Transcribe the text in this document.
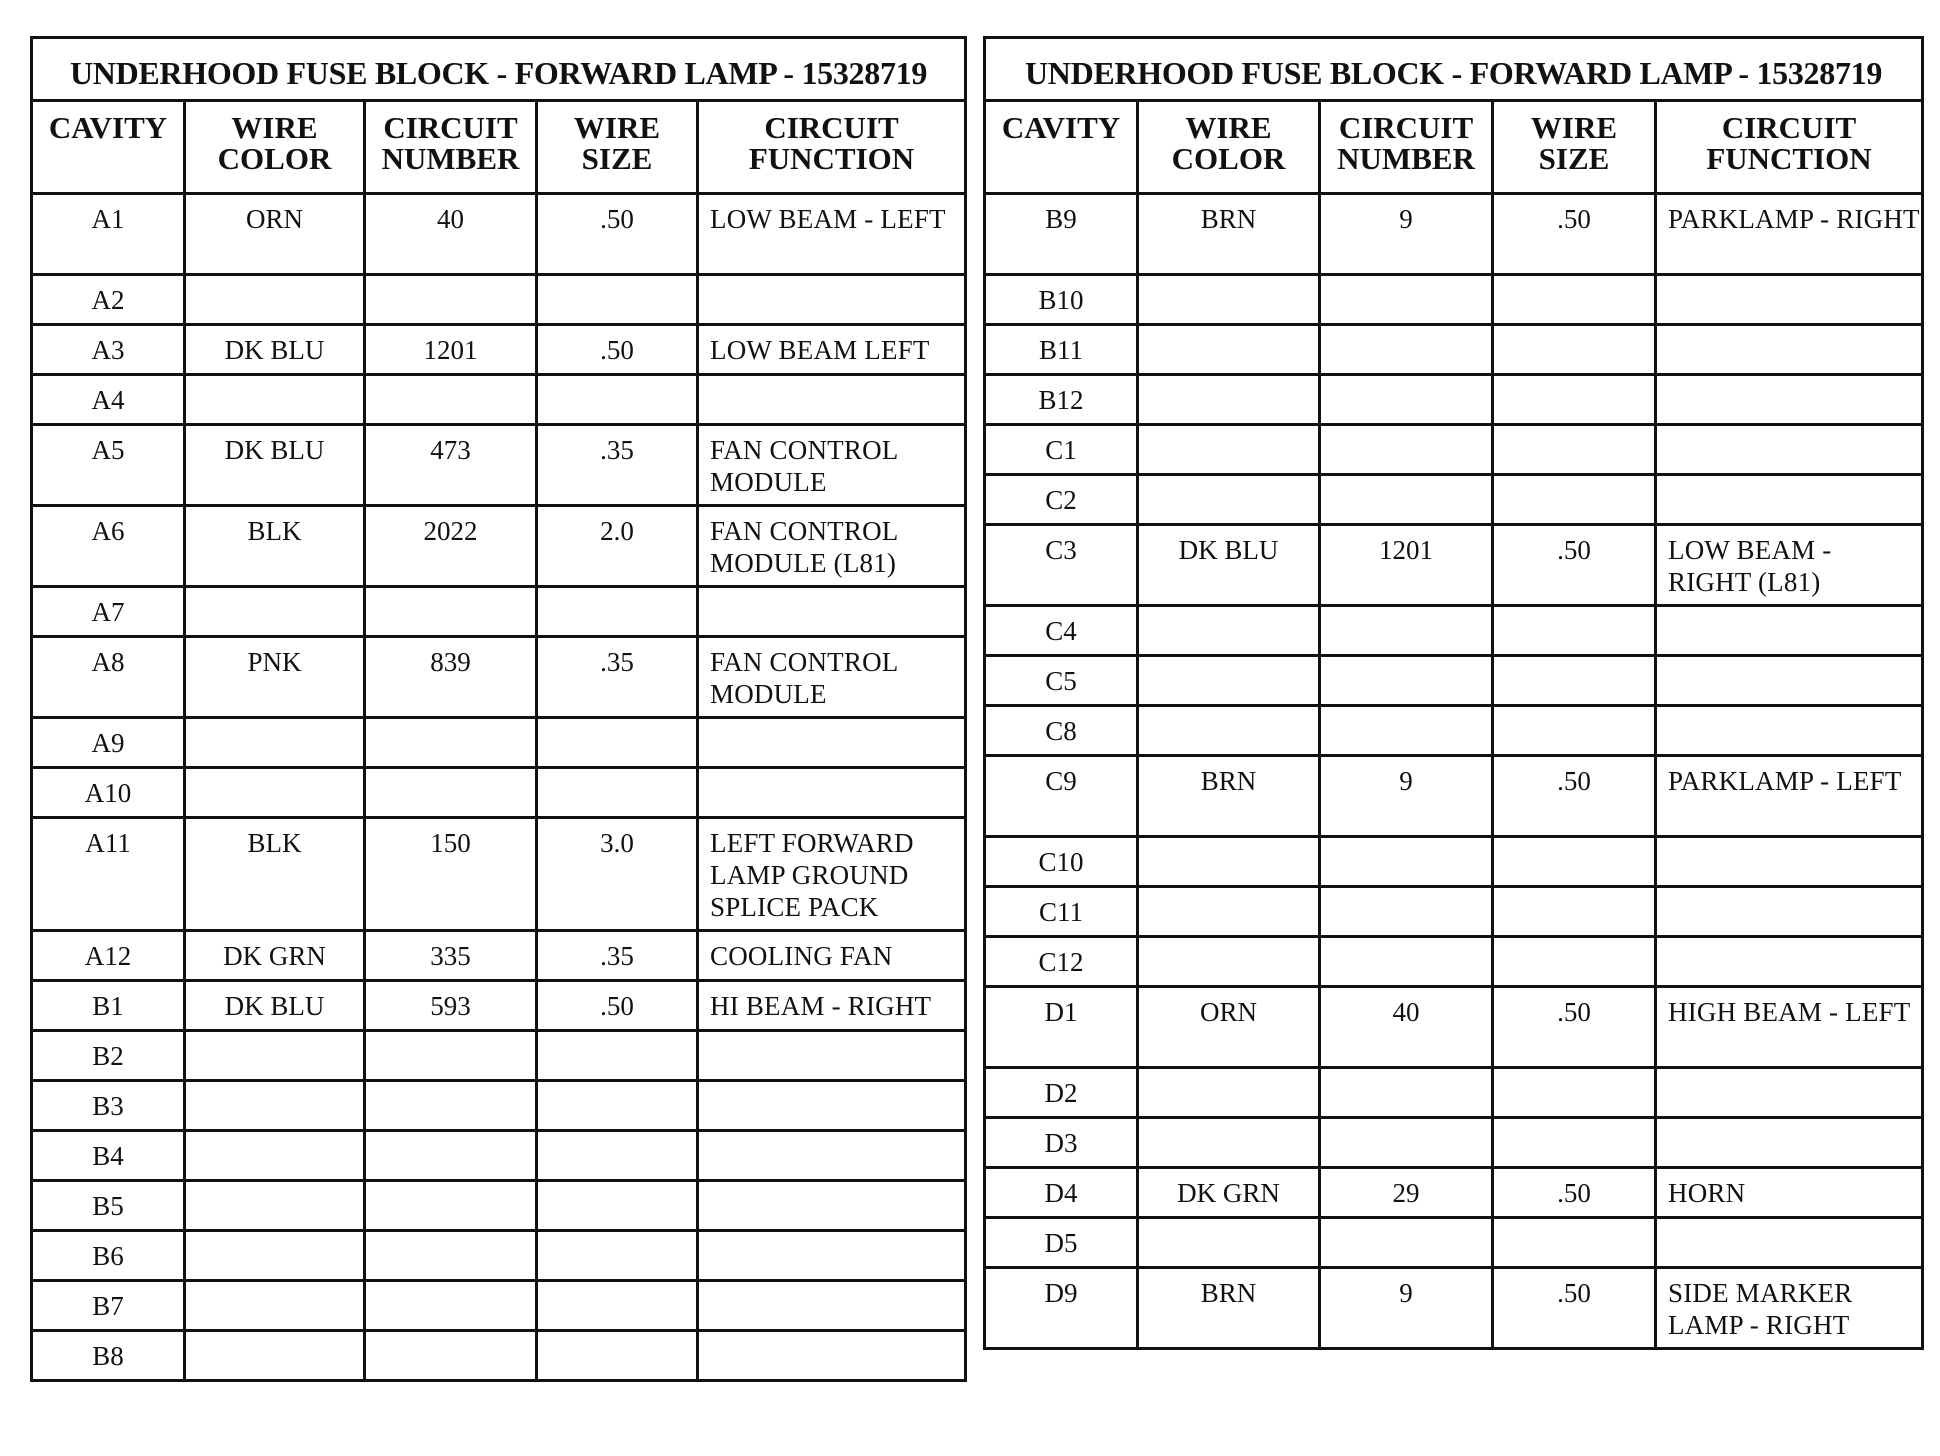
UNDERHOOD FUSE BLOCK - FORWARD LAMP - 15328719				
CAVITY	WIRE COLOR	CIRCUIT NUMBER	WIRE SIZE	CIRCUIT FUNCTION
A1	ORN	40	.50	LOW BEAM - LEFT
A2				
A3	DK BLU	1201	.50	LOW BEAM LEFT
A4				
A5	DK BLU	473	.35	FAN CONTROL MODULE
A6	BLK	2022	2.0	FAN CONTROL MODULE (L81)
A7				
A8	PNK	839	.35	FAN CONTROL MODULE
A9				
A10				
A11	BLK	150	3.0	LEFT FORWARD LAMP GROUND SPLICE PACK
A12	DK GRN	335	.35	COOLING FAN
B1	DK BLU	593	.50	HI BEAM - RIGHT
B2				
B3				
B4				
B5				
B6				
B7				
B8				
UNDERHOOD FUSE BLOCK - FORWARD LAMP - 15328719				
CAVITY	WIRE COLOR	CIRCUIT NUMBER	WIRE SIZE	CIRCUIT FUNCTION
B9	BRN	9	.50	PARKLAMP - RIGHT
B10				
B11				
B12				
C1				
C2				
C3	DK BLU	1201	.50	LOW BEAM - RIGHT (L81)
C4				
C5				
C8				
C9	BRN	9	.50	PARKLAMP - LEFT
C10				
C11				
C12				
D1	ORN	40	.50	HIGH BEAM - LEFT
D2				
D3				
D4	DK GRN	29	.50	HORN
D5				
D9	BRN	9	.50	SIDE MARKER LAMP - RIGHT
